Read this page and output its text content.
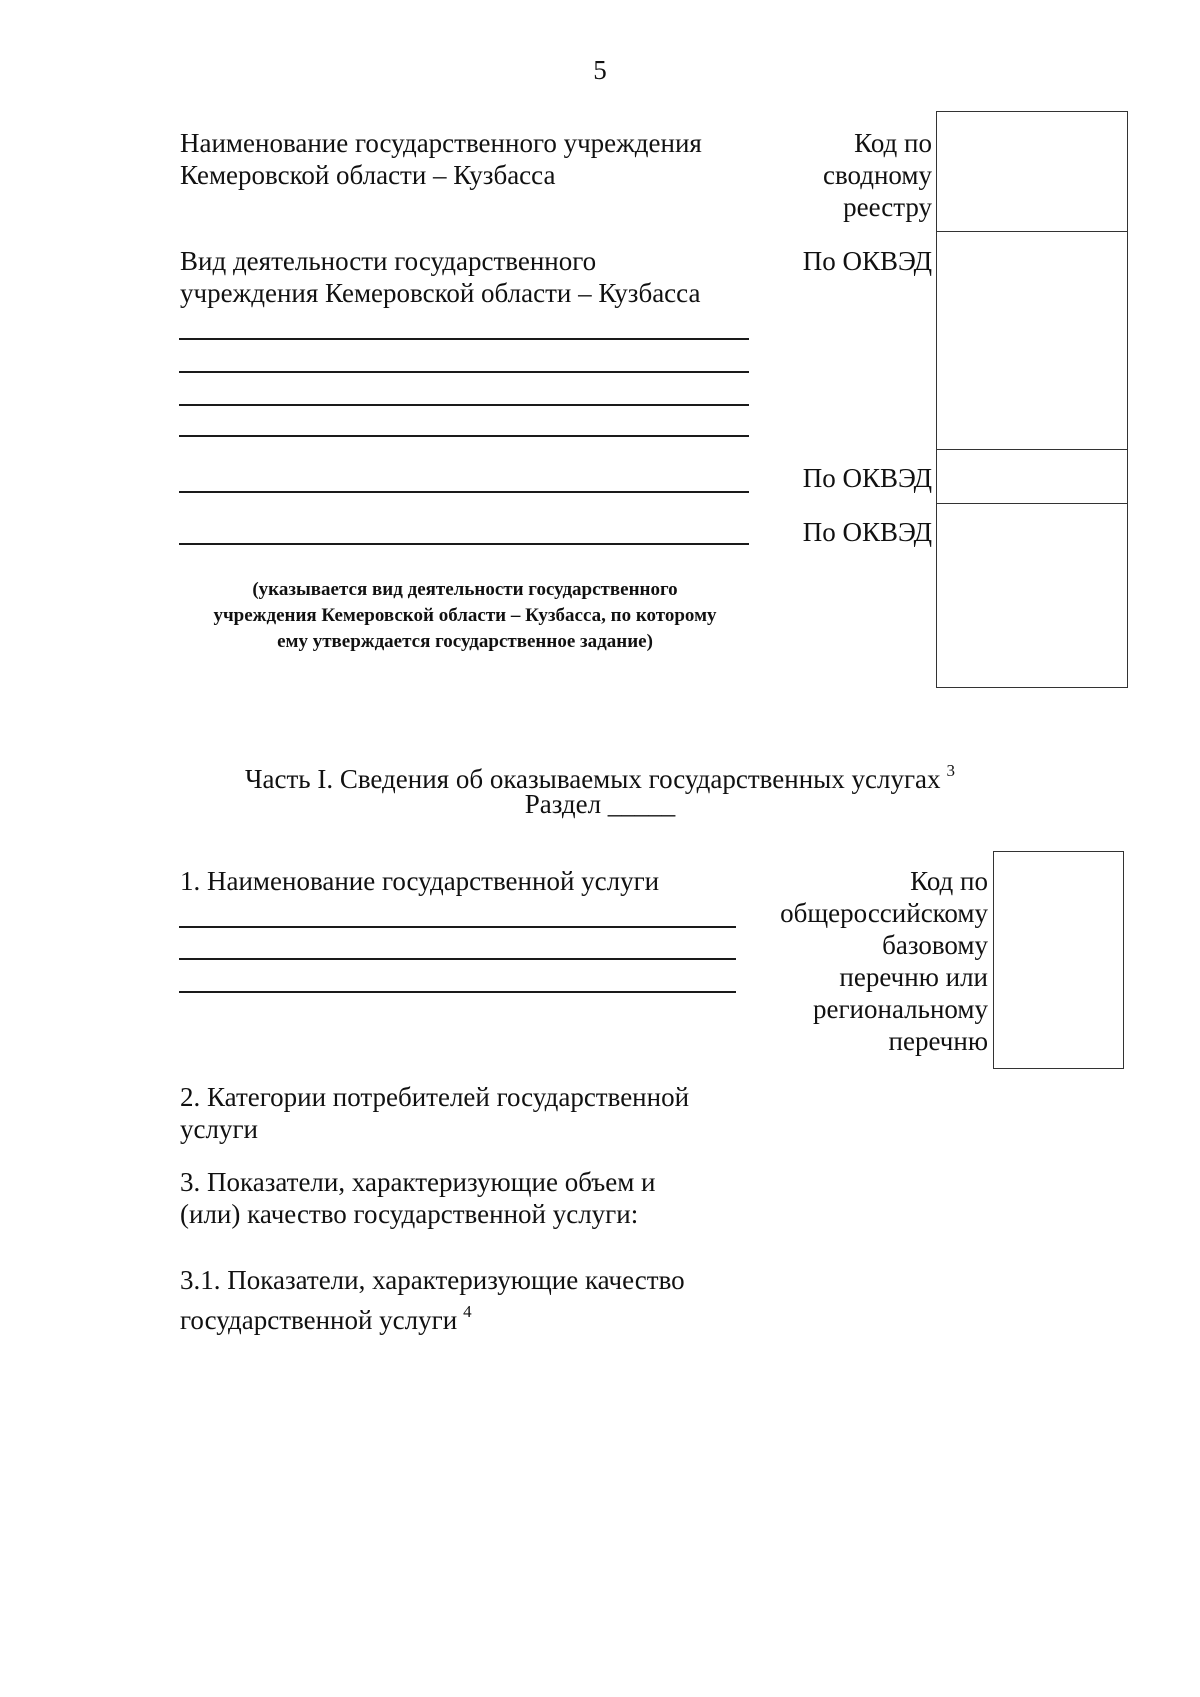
5
Наименование государственного учреждения
Кемеровской области – Кузбасса
Код по
сводному
реестру
Вид деятельности государственного
учреждения Кемеровской области – Кузбасса
По ОКВЭД
По ОКВЭД
По ОКВЭД
(указывается вид деятельности государственного
учреждения Кемеровской области – Кузбасса, по которому
ему утверждается государственное задание)
Часть I. Сведения об оказываемых государственных услугах $^3$
Раздел _____
1. Наименование государственной услуги	Код по
общероссийскому
базовому
перечню или
региональному
перечню
2. Категории потребителей государственной
услуги
3. Показатели, характеризующие объем и
(или) качество государственной услуги:
3.1. Показатели, характеризующие качество
государственной услуги $^4$
